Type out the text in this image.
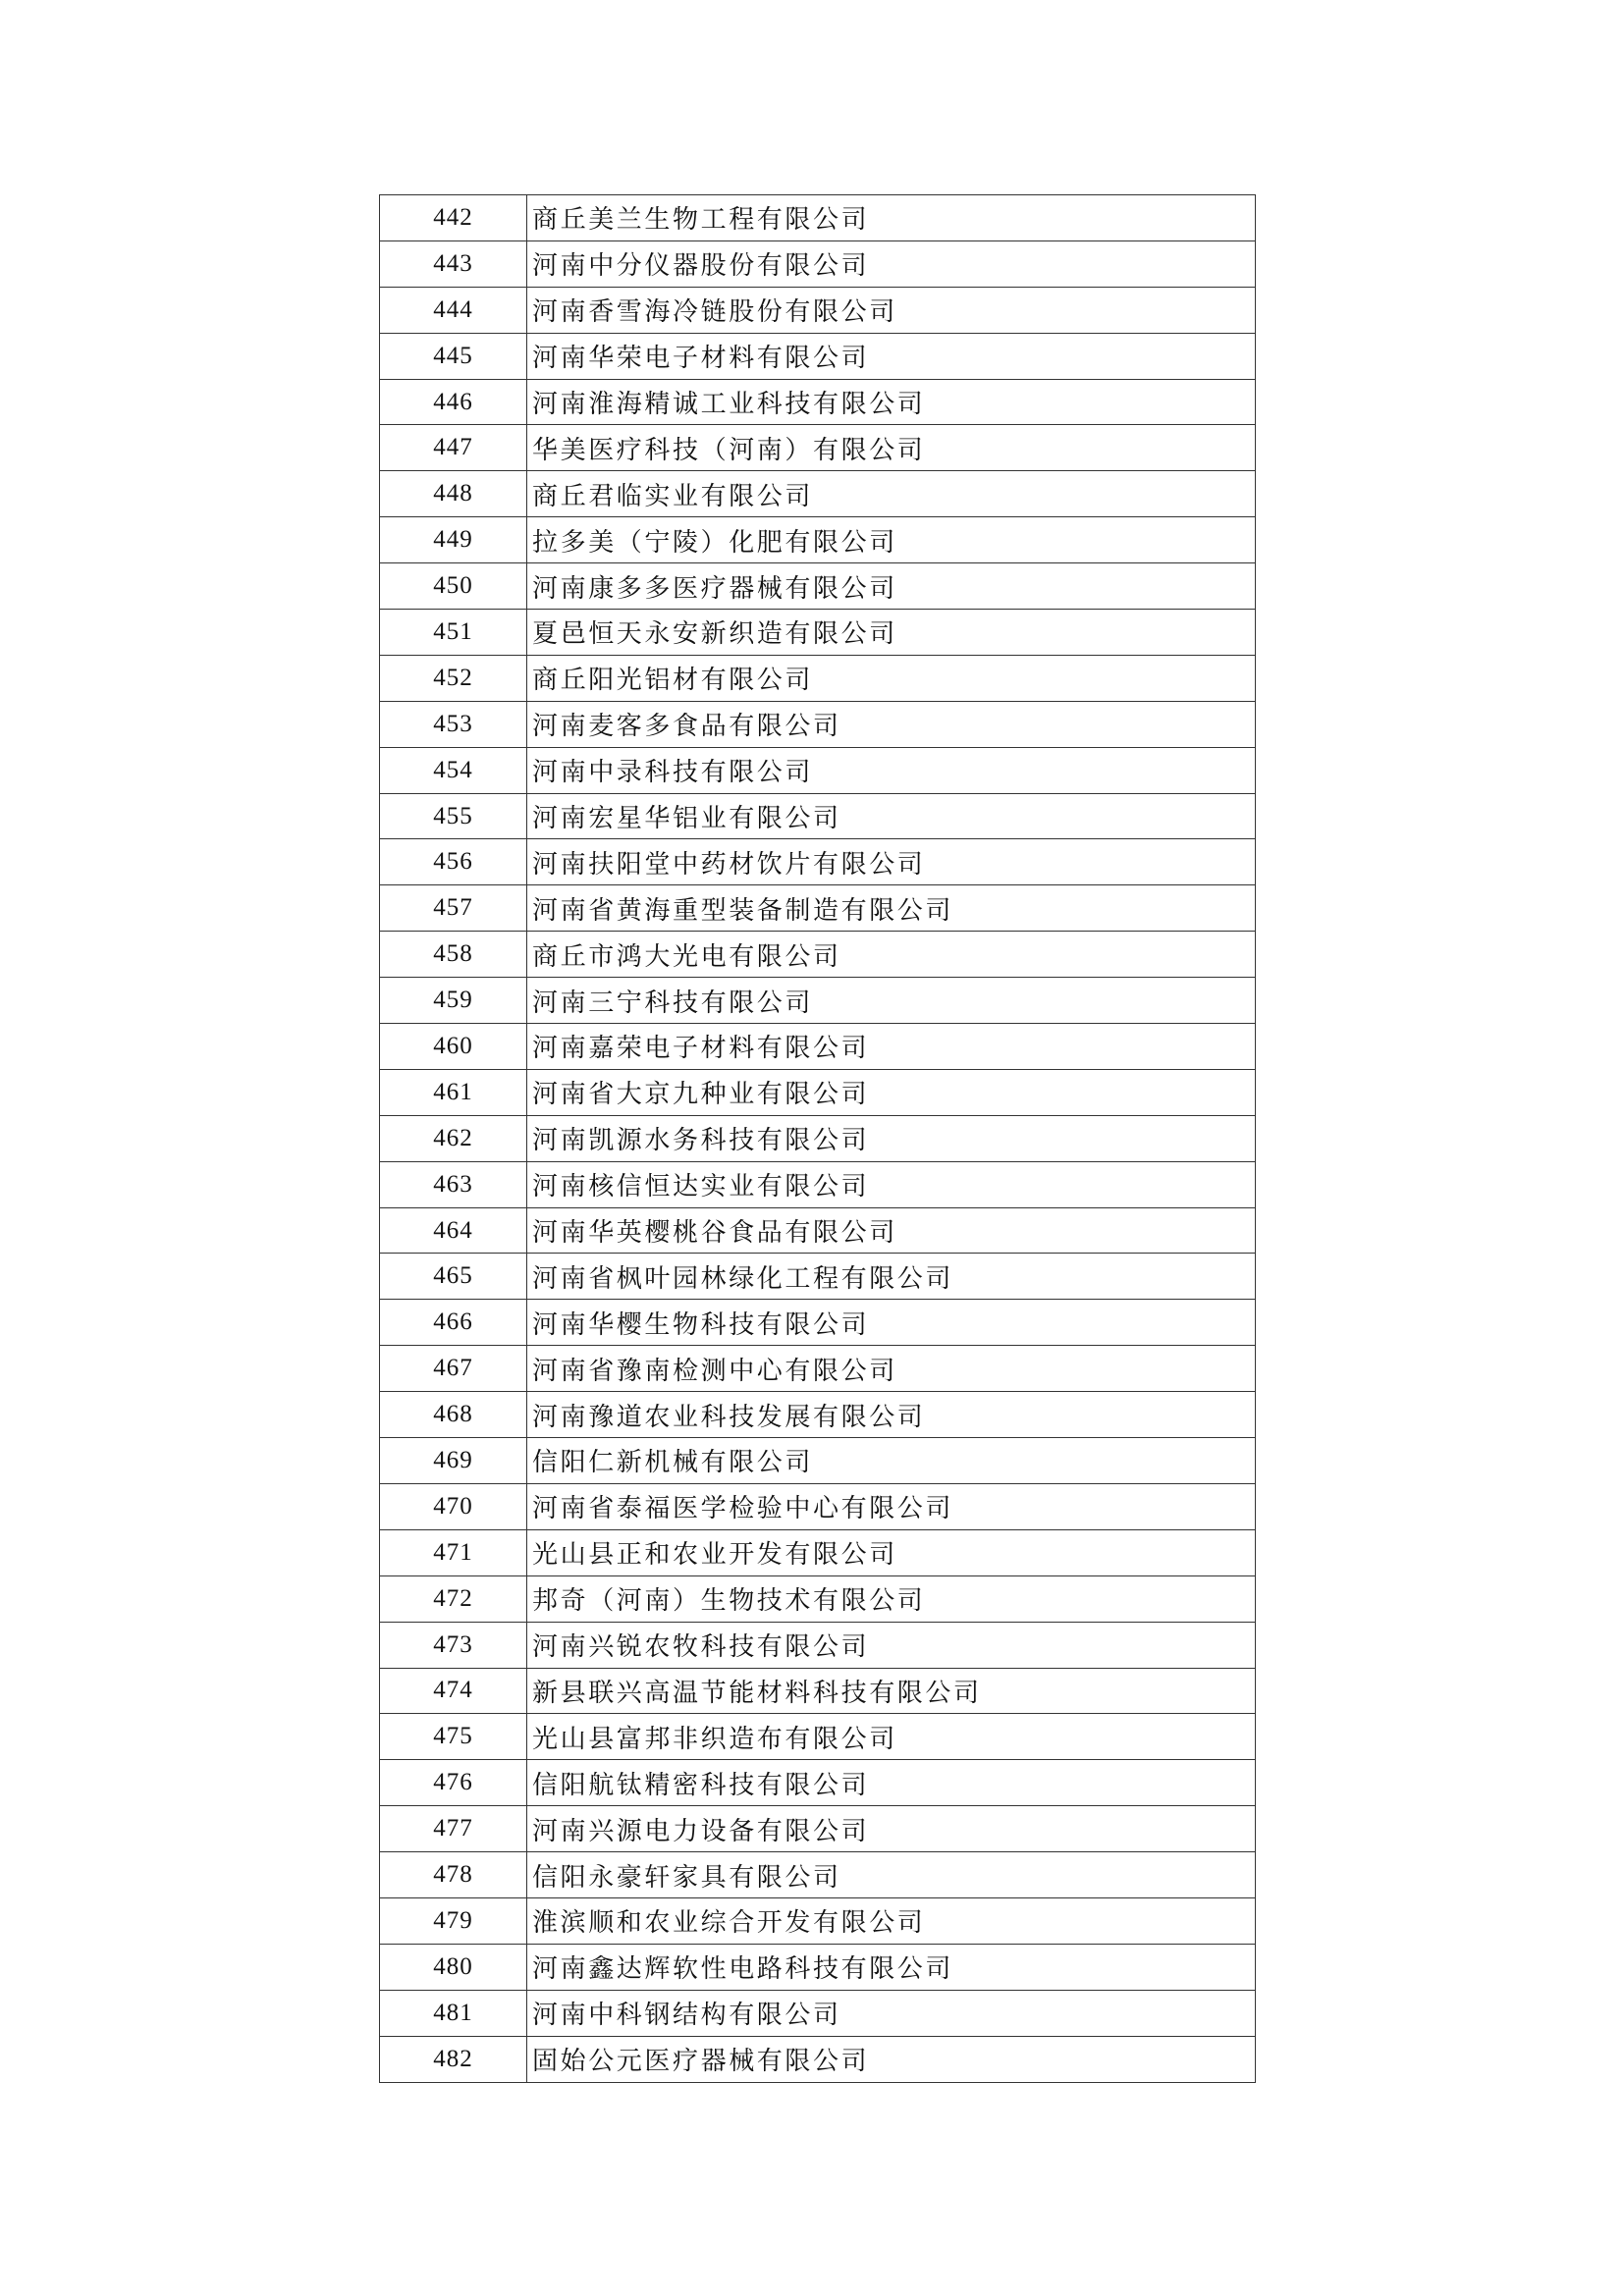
442	商丘美兰生物工程有限公司
443	河南中分仪器股份有限公司
444	河南香雪海冷链股份有限公司
445	河南华荣电子材料有限公司
446	河南淮海精诚工业科技有限公司
447	华美医疗科技（河南）有限公司
448	商丘君临实业有限公司
449	拉多美（宁陵）化肥有限公司
450	河南康多多医疗器械有限公司
451	夏邑恒天永安新织造有限公司
452	商丘阳光铝材有限公司
453	河南麦客多食品有限公司
454	河南中录科技有限公司
455	河南宏星华铝业有限公司
456	河南扶阳堂中药材饮片有限公司
457	河南省黄海重型装备制造有限公司
458	商丘市鸿大光电有限公司
459	河南三宁科技有限公司
460	河南嘉荣电子材料有限公司
461	河南省大京九种业有限公司
462	河南凯源水务科技有限公司
463	河南核信恒达实业有限公司
464	河南华英樱桃谷食品有限公司
465	河南省枫叶园林绿化工程有限公司
466	河南华樱生物科技有限公司
467	河南省豫南检测中心有限公司
468	河南豫道农业科技发展有限公司
469	信阳仁新机械有限公司
470	河南省泰福医学检验中心有限公司
471	光山县正和农业开发有限公司
472	邦奇（河南）生物技术有限公司
473	河南兴锐农牧科技有限公司
474	新县联兴高温节能材料科技有限公司
475	光山县富邦非织造布有限公司
476	信阳航钛精密科技有限公司
477	河南兴源电力设备有限公司
478	信阳永豪轩家具有限公司
479	淮滨顺和农业综合开发有限公司
480	河南鑫达辉软性电路科技有限公司
481	河南中科钢结构有限公司
482	固始公元医疗器械有限公司
